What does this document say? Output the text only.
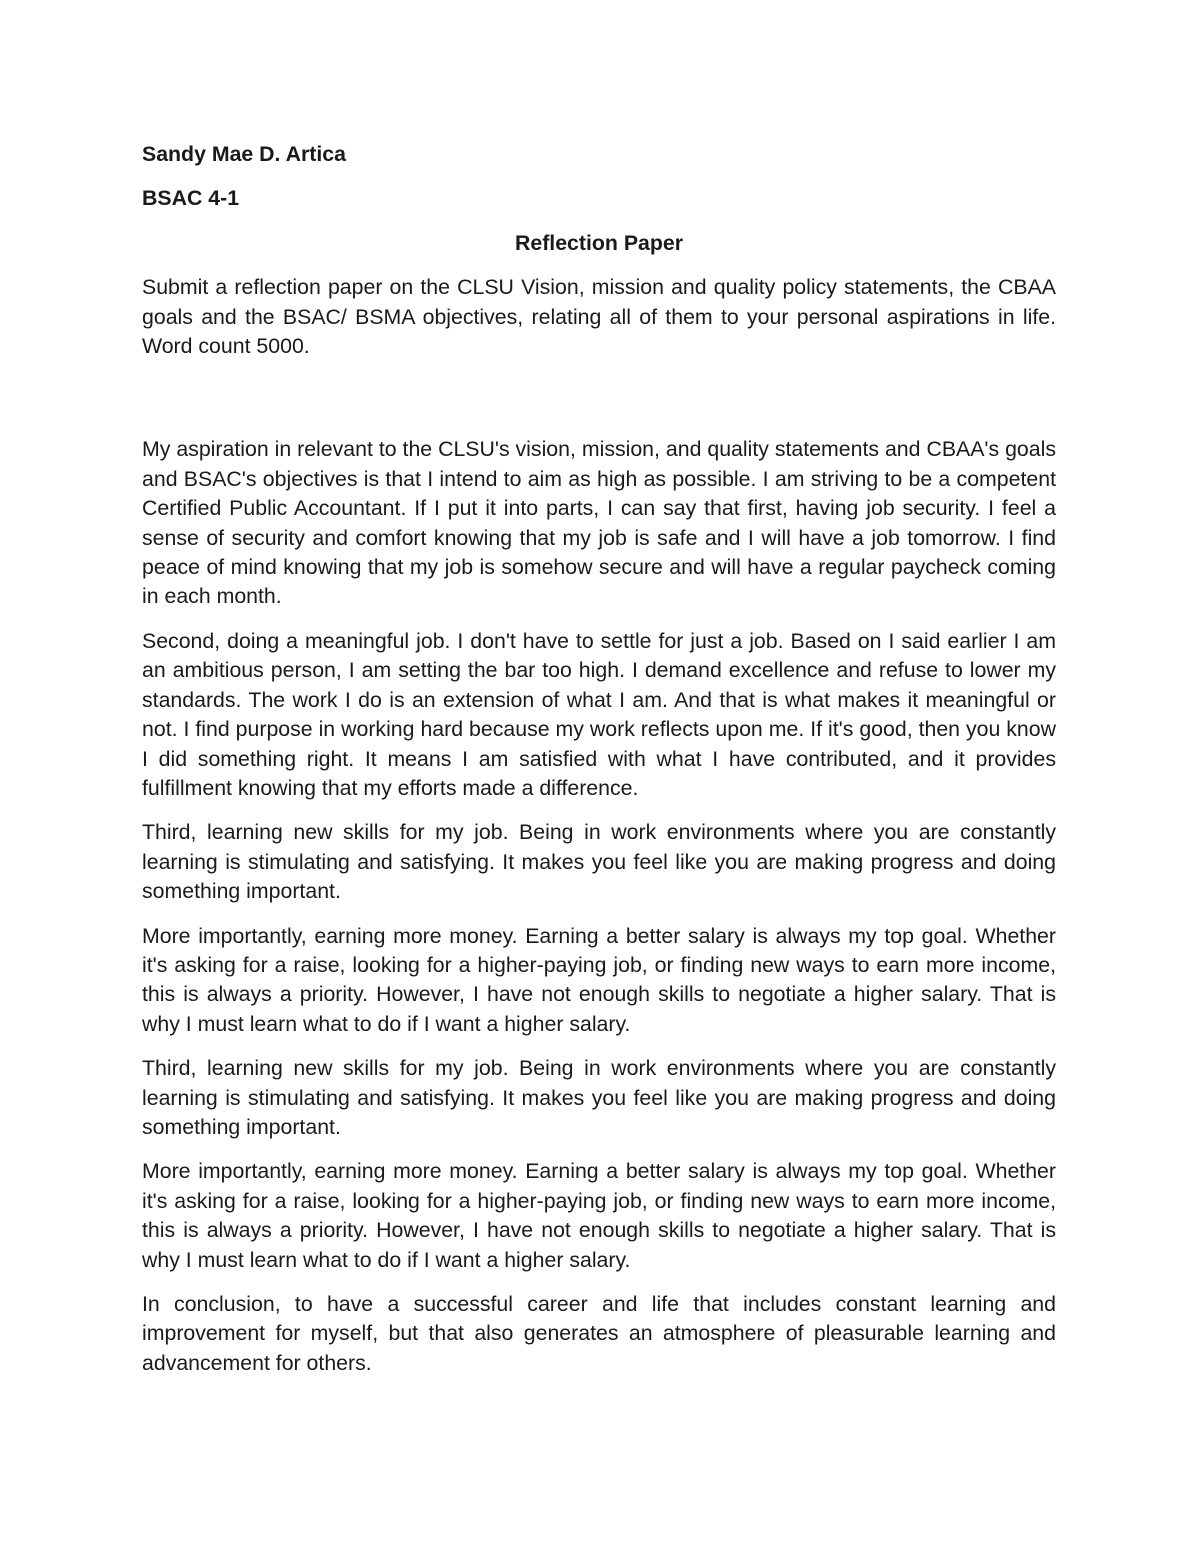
Sandy Mae D. Artica

BSAC 4-1

Reflection Paper

Submit a reflection paper on the CLSU Vision, mission and quality policy statements, the CBAA goals and the BSAC/ BSMA objectives, relating all of them to your personal aspirations in life. Word count 5000.

My aspiration in relevant to the CLSU's vision, mission, and quality statements and CBAA's goals and BSAC's objectives is that I intend to aim as high as possible. I am striving to be a competent Certified Public Accountant. If I put it into parts, I can say that first, having job security. I feel a sense of security and comfort knowing that my job is safe and I will have a job tomorrow. I find peace of mind knowing that my job is somehow secure and will have a regular paycheck coming in each month.

Second, doing a meaningful job. I don't have to settle for just a job. Based on I said earlier I am an ambitious person, I am setting the bar too high. I demand excellence and refuse to lower my standards. The work I do is an extension of what I am. And that is what makes it meaningful or not. I find purpose in working hard because my work reflects upon me. If it's good, then you know I did something right. It means I am satisfied with what I have contributed, and it provides fulfillment knowing that my efforts made a difference.

Third, learning new skills for my job. Being in work environments where you are constantly learning is stimulating and satisfying. It makes you feel like you are making progress and doing something important.

More importantly, earning more money. Earning a better salary is always my top goal. Whether it's asking for a raise, looking for a higher-paying job, or finding new ways to earn more income, this is always a priority. However, I have not enough skills to negotiate a higher salary. That is why I must learn what to do if I want a higher salary.

Third, learning new skills for my job. Being in work environments where you are constantly learning is stimulating and satisfying. It makes you feel like you are making progress and doing something important.

More importantly, earning more money. Earning a better salary is always my top goal. Whether it's asking for a raise, looking for a higher-paying job, or finding new ways to earn more income, this is always a priority. However, I have not enough skills to negotiate a higher salary. That is why I must learn what to do if I want a higher salary.

In conclusion, to have a successful career and life that includes constant learning and improvement for myself, but that also generates an atmosphere of pleasurable learning and advancement for others.
